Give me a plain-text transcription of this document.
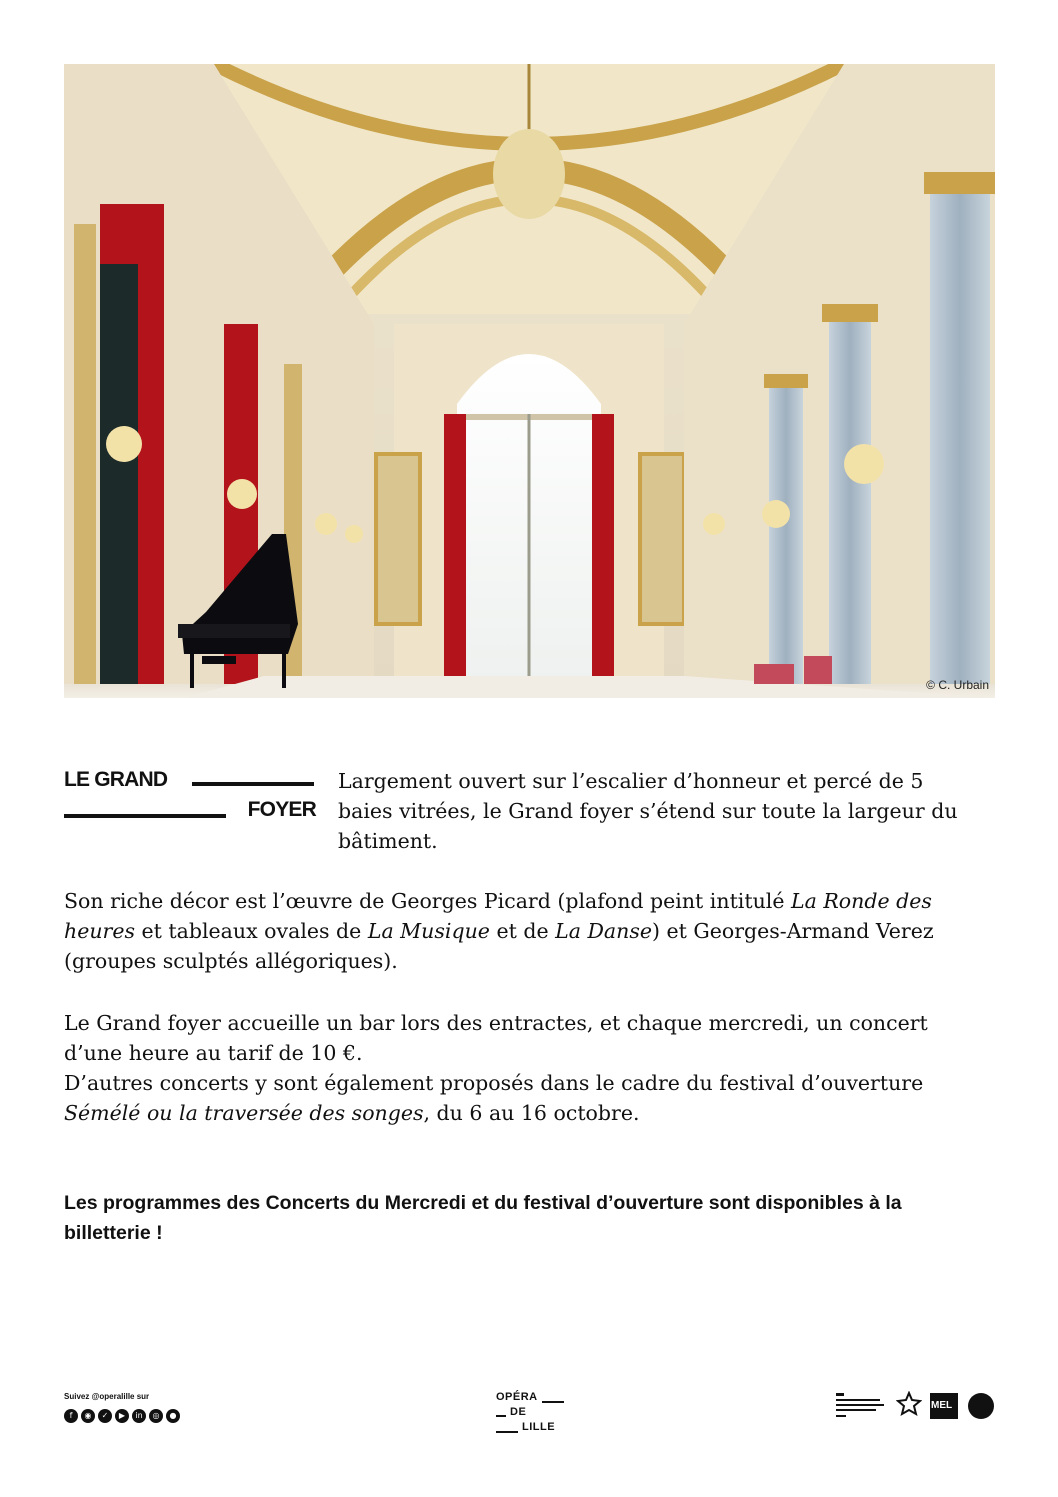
© C. Urbain
LE GRAND
FOYER

Largement ouvert sur l’escalier d’honneur et percé de 5 baies vitrées, le Grand foyer s’étend sur toute la largeur du bâtiment.

Son riche décor est l’œuvre de Georges Picard (plafond peint intitulé La Ronde des heures et tableaux ovales de La Musique et de La Danse) et Georges-Armand Verez (groupes sculptés allégoriques).

Le Grand foyer accueille un bar lors des entractes, et chaque mercredi, un concert d’une heure au tarif de 10 €.

D’autres concerts y sont également proposés dans le cadre du festival d’ouverture Sémélé ou la traversée des songes, du 6 au 16 octobre.

Les programmes des Concerts du Mercredi et du festival d’ouverture sont disponibles à la billetterie !

Suivez @operalille sur
f	◉	✓	▶	in	◎	●
OPÉRA
DE
LILLE
MEL
